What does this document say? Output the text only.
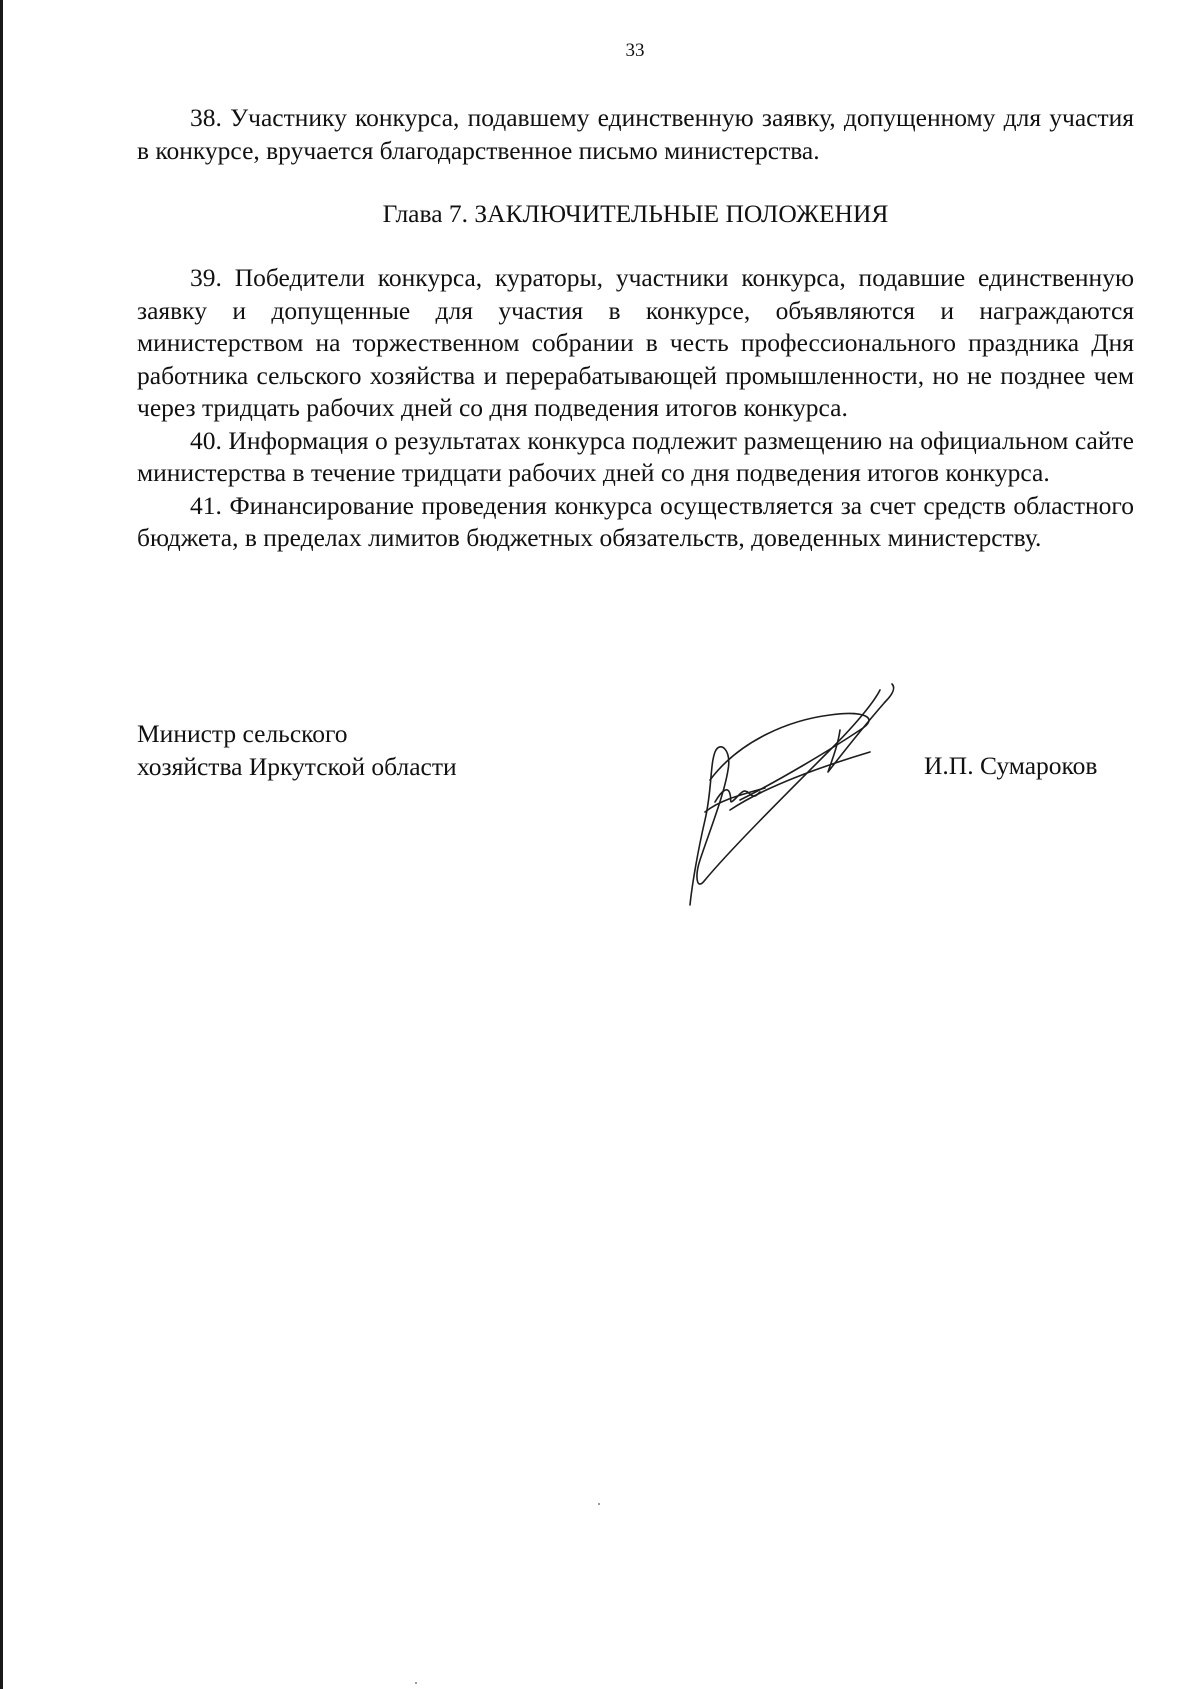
33

38. Участнику конкурса, подавшему единственную заявку, допущенному для участия в конкурсе, вручается благодарственное письмо министерства.

Глава 7. ЗАКЛЮЧИТЕЛЬНЫЕ ПОЛОЖЕНИЯ

39. Победители конкурса, кураторы, участники конкурса, подавшие единственную заявку и допущенные для участия в конкурсе, объявляются и награждаются министерством на торжественном собрании в честь профессионального праздника Дня работника сельского хозяйства и перерабатывающей промышленности, но не позднее чем через тридцать рабочих дней со дня подведения итогов конкурса.

40. Информация о результатах конкурса подлежит размещению на официальном сайте министерства в течение тридцати рабочих дней со дня подведения итогов конкурса.

41. Финансирование проведения конкурса осуществляется за счет средств областного бюджета, в пределах лимитов бюджетных обязательств, доведенных министерству.

Министр сельского
хозяйства Иркутской области	И.П. Сумароков
